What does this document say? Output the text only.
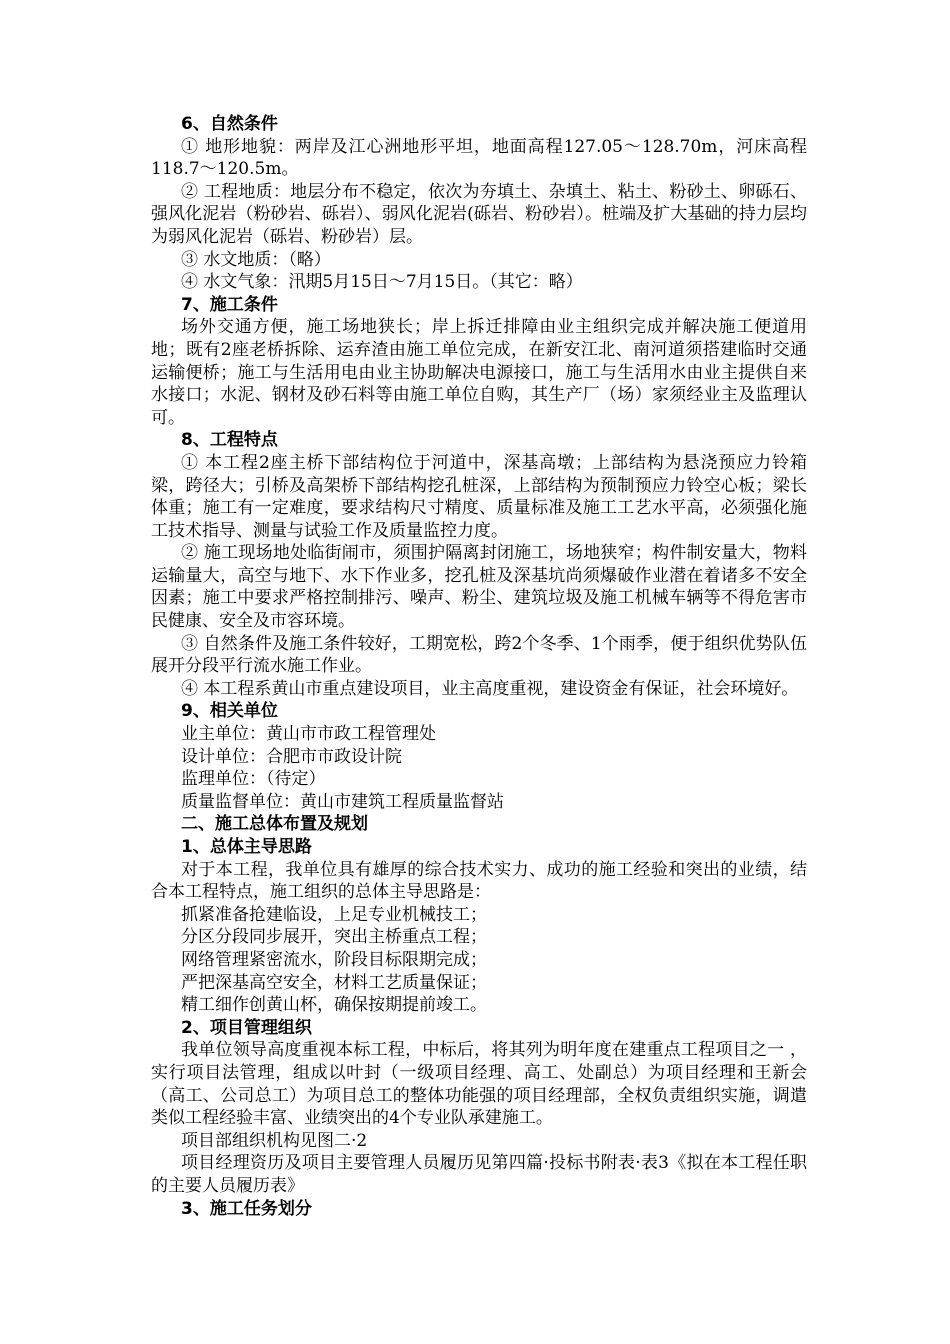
6、自然条件

① 地形地貌：两岸及江心洲地形平坦，地面高程127.05～128.70m，河床高程118.7～120.5m。

② 工程地质：地层分布不稳定，依次为夯填土、杂填土、粘土、粉砂土、卵砾石、强风化泥岩（粉砂岩、砾岩）、弱风化泥岩(砾岩、粉砂岩）。桩端及扩大基础的持力层均为弱风化泥岩（砾岩、粉砂岩）层。

③ 水文地质：（略）

④ 水文气象：汛期5月15日～7月15日。（其它：略）

7、施工条件

场外交通方便，施工场地狭长；岸上拆迁排障由业主组织完成并解决施工便道用地；既有2座老桥拆除、运弃渣由施工单位完成，在新安江北、南河道须搭建临时交通运输便桥；施工与生活用电由业主协助解决电源接口，施工与生活用水由业主提供自来水接口；水泥、钢材及砂石料等由施工单位自购，其生产厂（场）家须经业主及监理认可。

8、工程特点

① 本工程2座主桥下部结构位于河道中，深基高墩；上部结构为悬浇预应力铃箱梁，跨径大；引桥及高架桥下部结构挖孔桩深，上部结构为预制预应力铃空心板；梁长体重；施工有一定难度，要求结构尺寸精度、质量标准及施工工艺水平高，必须强化施工技术指导、测量与试验工作及质量监控力度。

② 施工现场地处临街闹市，须围护隔离封闭施工，场地狭窄；构件制安量大，物料运输量大，高空与地下、水下作业多，挖孔桩及深基坑尚须爆破作业潜在着诸多不安全因素；施工中要求严格控制排污、噪声、粉尘、建筑垃圾及施工机械车辆等不得危害市民健康、安全及市容环境。

③ 自然条件及施工条件较好，工期宽松，跨2个冬季、1个雨季，便于组织优势队伍展开分段平行流水施工作业。

④ 本工程系黄山市重点建设项目，业主高度重视，建设资金有保证，社会环境好。

9、相关单位

业主单位：黄山市市政工程管理处

设计单位：合肥市市政设计院

监理单位：（待定）

质量监督单位：黄山市建筑工程质量监督站

二、施工总体布置及规划
1、总体主导思路

对于本工程，我单位具有雄厚的综合技术实力、成功的施工经验和突出的业绩，结合本工程特点，施工组织的总体主导思路是：

抓紧准备抢建临设，上足专业机械技工；

分区分段同步展开，突出主桥重点工程；

网络管理紧密流水，阶段目标限期完成；

严把深基高空安全，材料工艺质量保证；

精工细作创黄山杯，确保按期提前竣工。

2、项目管理组织

我单位领导高度重视本标工程，中标后，将其列为明年度在建重点工程项目之一 ，实行项目法管理，组成以叶封（一级项目经理、高工、处副总）为项目经理和王新会（高工、公司总工）为项目总工的整体功能强的项目经理部，全权负责组织实施，调遣类似工程经验丰富、业绩突出的4个专业队承建施工。

项目部组织机构见图二·2

项目经理资历及项目主要管理人员履历见第四篇·投标书附表·表3《拟在本工程任职的主要人员履历表》

3、施工任务划分
